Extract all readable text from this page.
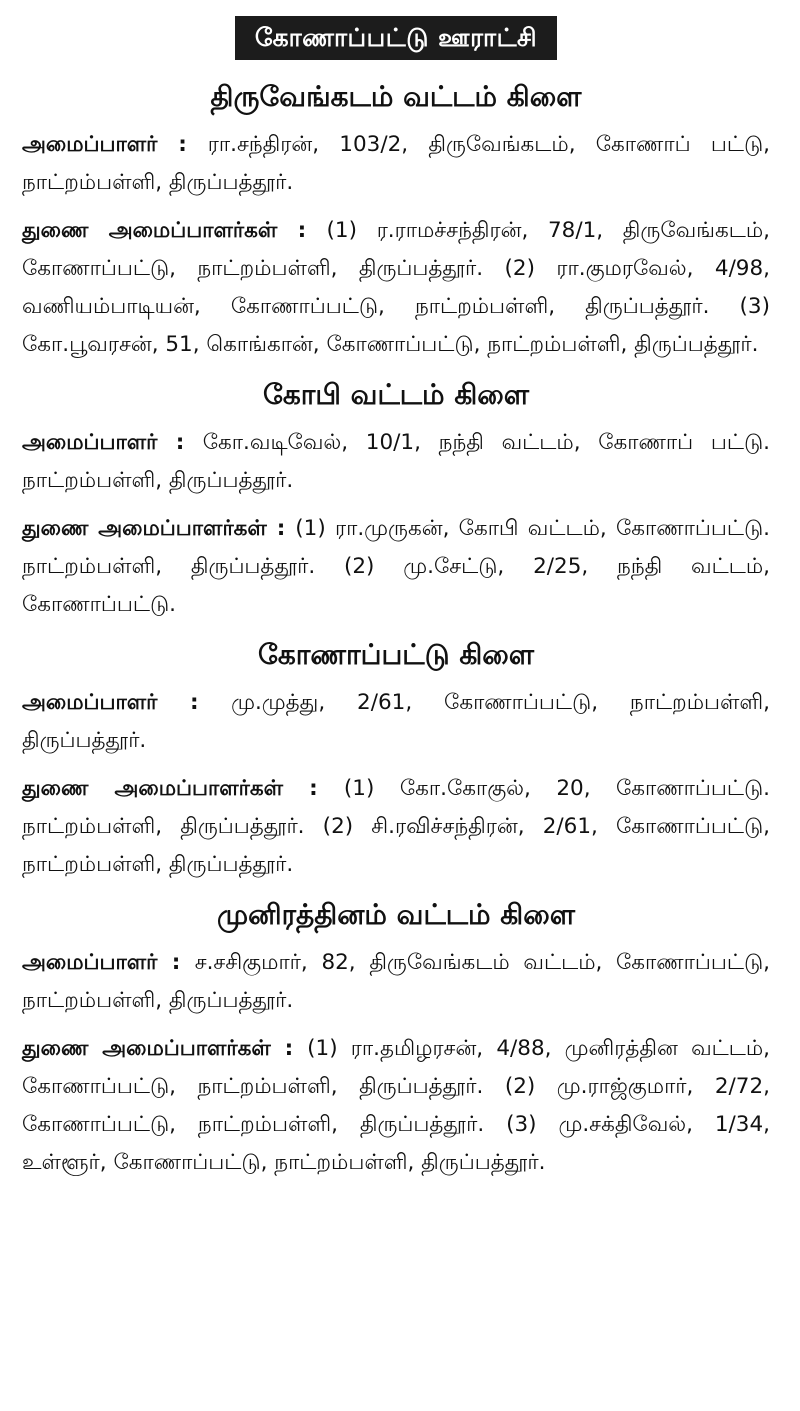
கோணாப்பட்டு ஊராட்சி
திருவேங்கடம் வட்டம் கிளை

அமைப்பாளர் : ரா.சந்திரன், 103/2, திருவேங்கடம், கோணாப் பட்டு, நாட்றம்பள்ளி, திருப்பத்தூர்.

துணை அமைப்பாளர்கள் : (1) ர.ராமச்சந்திரன், 78/1, திருவேங்கடம், கோணாப்பட்டு, நாட்றம்பள்ளி, திருப்பத்தூர். (2) ரா.குமரவேல், 4/98, வணியம்பாடியன், கோணாப்பட்டு, நாட்றம்பள்ளி, திருப்பத்தூர். (3) கோ.பூவரசன், 51, கொங்கான், கோணாப்பட்டு, நாட்றம்பள்ளி, திருப்பத்தூர்.

கோபி வட்டம் கிளை

அமைப்பாளர் : கோ.வடிவேல், 10/1, நந்தி வட்டம், கோணாப் பட்டு. நாட்றம்பள்ளி, திருப்பத்தூர்.

துணை அமைப்பாளர்கள் : (1) ரா.முருகன், கோபி வட்டம், கோணாப்பட்டு. நாட்றம்பள்ளி, திருப்பத்தூர். (2) மு.சேட்டு, 2/25, நந்தி வட்டம், கோணாப்பட்டு.

கோணாப்பட்டு கிளை

அமைப்பாளர் : மு.முத்து, 2/61, கோணாப்பட்டு, நாட்றம்பள்ளி, திருப்பத்தூர்.

துணை அமைப்பாளர்கள் : (1) கோ.கோகுல், 20, கோணாப்பட்டு. நாட்றம்பள்ளி, திருப்பத்தூர். (2) சி.ரவிச்சந்திரன், 2/61, கோணாப்பட்டு, நாட்றம்பள்ளி, திருப்பத்தூர்.

முனிரத்தினம் வட்டம் கிளை

அமைப்பாளர் : ச.சசிகுமார், 82, திருவேங்கடம் வட்டம், கோணாப்பட்டு, நாட்றம்பள்ளி, திருப்பத்தூர்.

துணை அமைப்பாளர்கள் : (1) ரா.தமிழரசன், 4/88, முனிரத்தின வட்டம், கோணாப்பட்டு, நாட்றம்பள்ளி, திருப்பத்தூர். (2) மு.ராஜ்குமார், 2/72, கோணாப்பட்டு, நாட்றம்பள்ளி, திருப்பத்தூர். (3) மு.சக்திவேல், 1/34, உள்ளூர், கோணாப்பட்டு, நாட்றம்பள்ளி, திருப்பத்தூர்.
